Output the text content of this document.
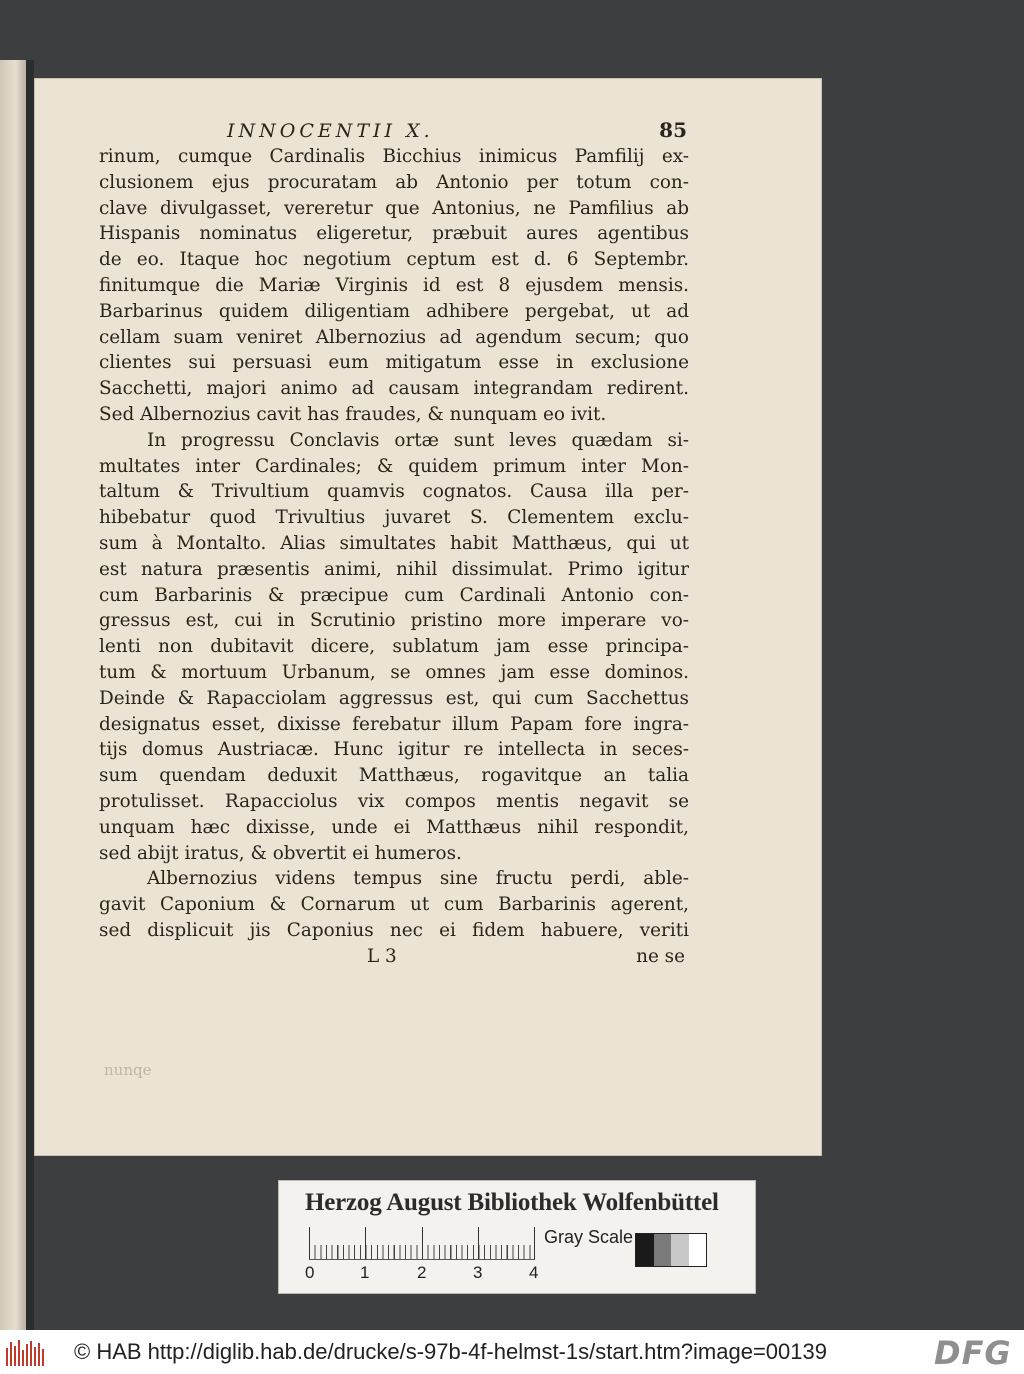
INNOCENTII X.	85
rinum, cumque Cardinalis Bicchius inimicus Pamfilij ex-
clusionem ejus procuratam ab Antonio per totum con-
clave divulgasset, vereretur que Antonius, ne Pamfilius ab
Hispanis nominatus eligeretur, præbuit aures agentibus
de eo. Itaque hoc negotium ceptum est d. 6 Septembr.
finitumque die Mariæ Virginis id est 8 ejusdem mensis.
Barbarinus quidem diligentiam adhibere pergebat, ut ad
cellam suam veniret Albernozius ad agendum secum; quo
clientes sui persuasi eum mitigatum esse in exclusione
Sacchetti, majori animo ad causam integrandam redirent.
Sed Albernozius cavit has fraudes, & nunquam eo ivit.
In progressu Conclavis ortæ sunt leves quædam si-
multates inter Cardinales; & quidem primum inter Mon-
taltum & Trivultium quamvis cognatos. Causa illa per-
hibebatur quod Trivultius juvaret S. Clementem exclu-
sum à Montalto. Alias simultates habit Matthæus, qui ut
est natura præsentis animi, nihil dissimulat. Primo igitur
cum Barbarinis & præcipue cum Cardinali Antonio con-
gressus est, cui in Scrutinio pristino more imperare vo-
lenti non dubitavit dicere, sublatum jam esse principa-
tum & mortuum Urbanum, se omnes jam esse dominos.
Deinde & Rapacciolam aggressus est, qui cum Sacchettus
designatus esset, dixisse ferebatur illum Papam fore ingra-
tijs domus Austriacæ. Hunc igitur re intellecta in seces-
sum quendam deduxit Matthæus, rogavitque an talia
protulisset. Rapacciolus vix compos mentis negavit se
unquam hæc dixisse, unde ei Matthæus nihil respondit,
sed abijt iratus, & obvertit ei humeros.
Albernozius videns tempus sine fructu perdi, able-
gavit Caponium & Cornarum ut cum Barbarinis agerent,
sed displicuit jis Caponius nec ei fidem habuere, veriti
L 3	ne se
nunqe
Herzog August Bibliothek Wolfenbüttel
0	1	2	3	4
Gray Scale
© HAB http://diglib.hab.de/drucke/s-97b-4f-helmst-1s/start.htm?image=00139	DFG
